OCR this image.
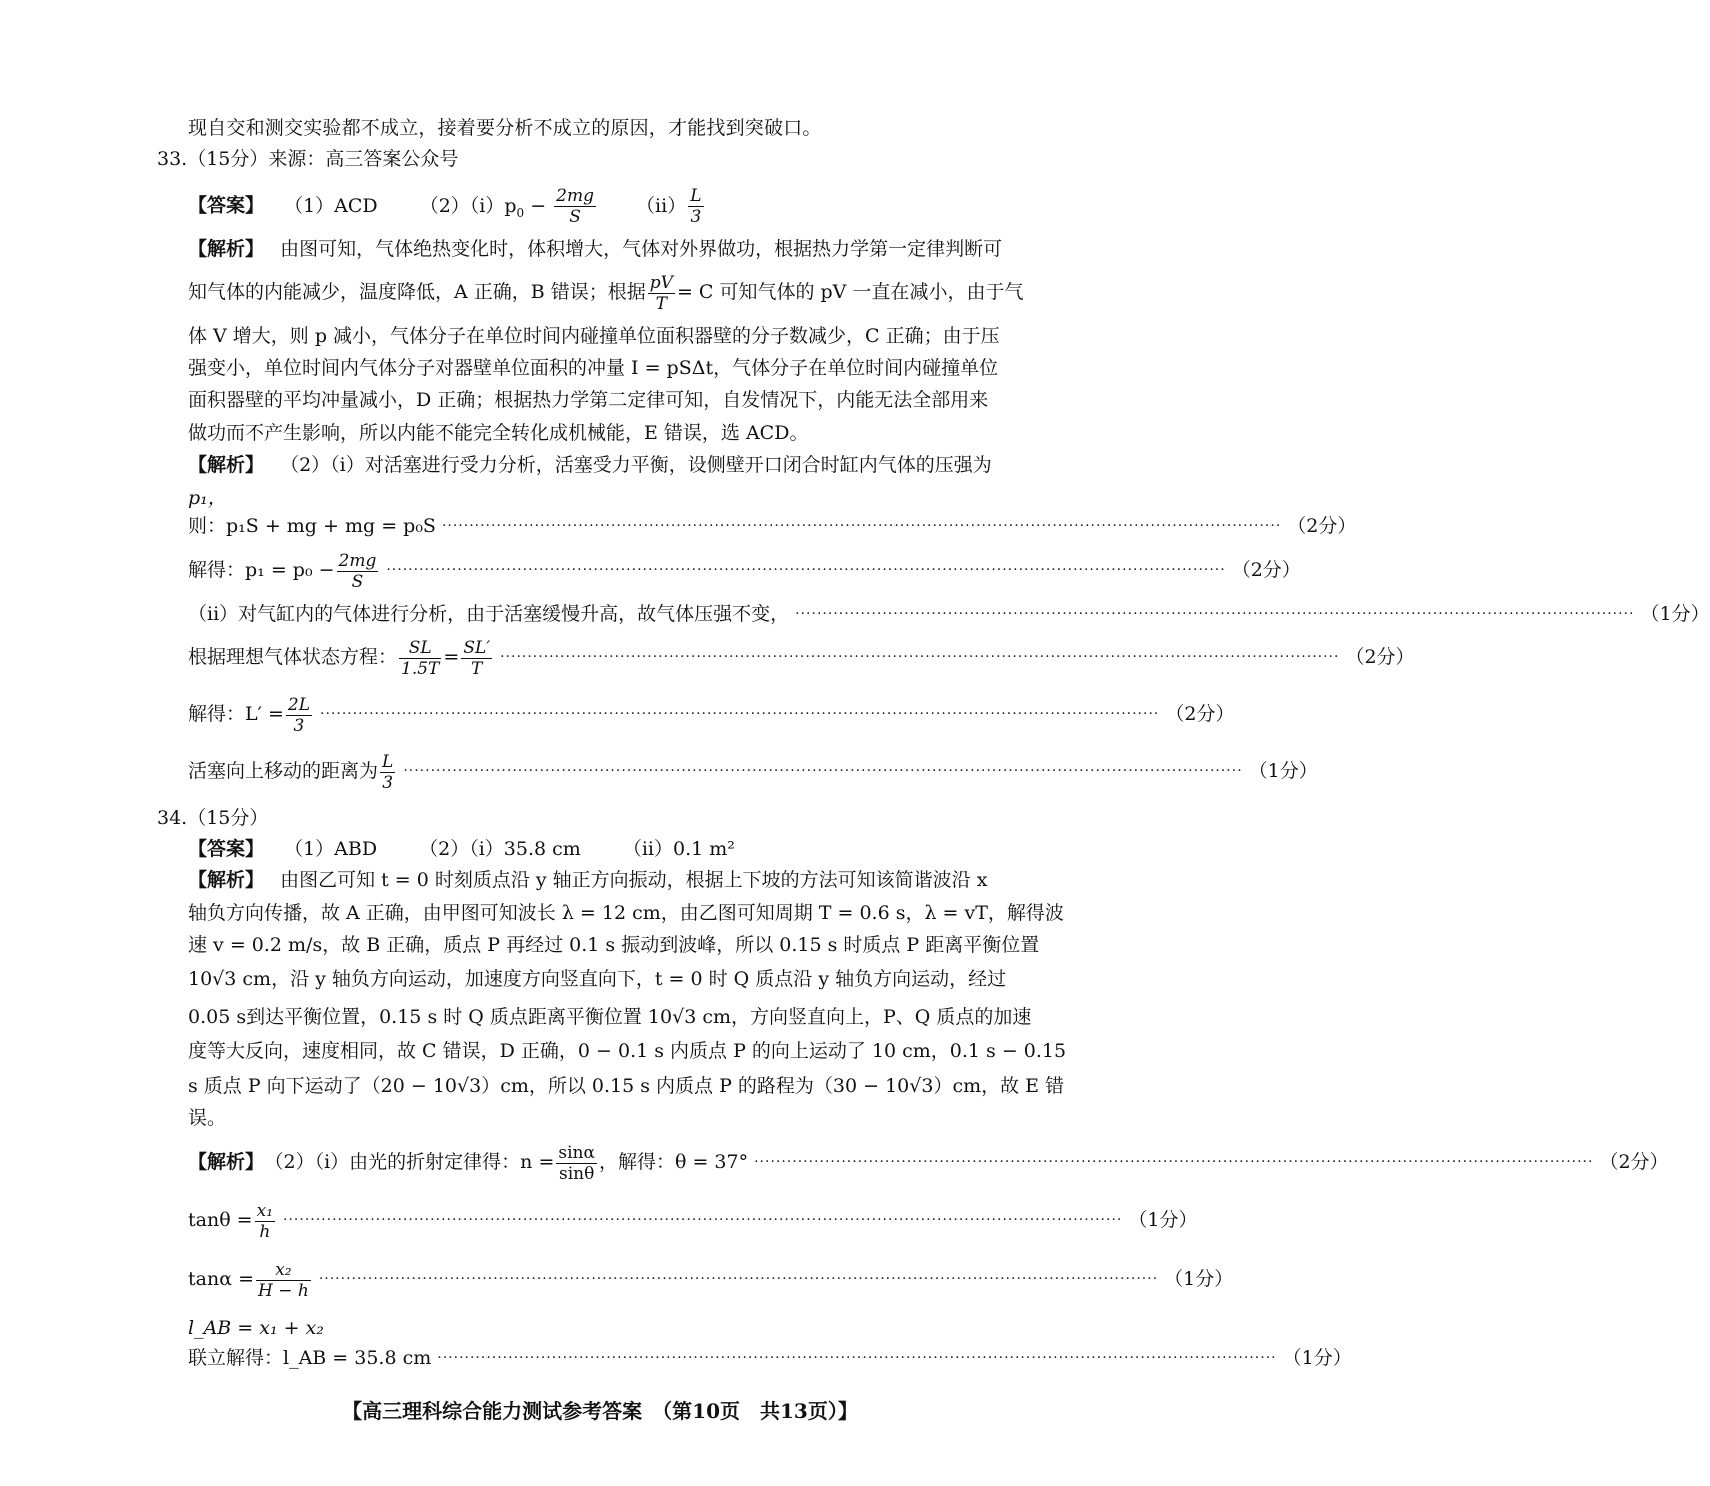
现自交和测交实验都不成立，接着要分析不成立的原因，才能找到突破口。
33.（15分）来源：高三答案公众号
【答案】 （1）ACD $(2)(i)p_0 - \frac{2mg}{S} (ii) \frac{L}{3}$
【解析】 由图可知，气体绝热变化时，体积增大，气体对外界做功，根据热力学第一定律判断可
知气体的内能减少，温度降低，A 正确，B 错误；根据 $\frac{pV}{T} = C$ 可知气体的 pV 一直在减小，由于气
体 V 增大，则 p 减小，气体分子在单位时间内碰撞单位面积器壁的分子数减少，C 正确；由于压
强变小，单位时间内气体分子对器壁单位面积的冲量 I = pSΔt，气体分子在单位时间内碰撞单位
面积器壁的平均冲量减小，D 正确；根据热力学第二定律可知，自发情况下，内能无法全部用来
做功而不产生影响，所以内能不能完全转化成机械能，E 错误，选 ACD。
【解析】 （2）（i）对活塞进行受力分析，活塞受力平衡，设侧壁开口闭合时缸内气体的压强为
p₁，
则：p₁S + mg + mg = p₀S ·························································································································································· （2分）
解得：$p_1 = p_0 - \frac{2mg}{S}$ ·························································································································································· （2分）
（ii）对气缸内的气体进行分析，由于活塞缓慢升高，故气体压强不变， ·························································································································································· （1分）
根据理想气体状态方程： $\frac{SL}{1.5T} = \frac{SL'}{T}$ ·························································································································································· （2分）
解得：$L' = \frac{2L}{3}$ ·························································································································································· （2分）
活塞向上移动的距离为 $\frac{L}{3}$ ·························································································································································· （1分）
34.（15分）
【答案】 （1）ABD （2）（i）35.8 cm （ii）0.1 m²
【解析】 由图乙可知 t = 0 时刻质点沿 y 轴正方向振动，根据上下坡的方法可知该简谐波沿 x
轴负方向传播，故 A 正确，由甲图可知波长 λ = 12 cm，由乙图可知周期 T = 0.6 s，λ = vT，解得波
速 v = 0.2 m/s，故 B 正确，质点 P 再经过 0.1 s 振动到波峰，所以 0.15 s 时质点 P 距离平衡位置
10√3 cm，沿 y 轴负方向运动，加速度方向竖直向下，t = 0 时 Q 质点沿 y 轴负方向运动，经过
0.05 s到达平衡位置，0.15 s 时 Q 质点距离平衡位置 10√3 cm，方向竖直向上，P、Q 质点的加速
度等大反向，速度相同，故 C 错误，D 正确，0 − 0.1 s 内质点 P 的向上运动了 10 cm，0.1 s − 0.15
s 质点 P 向下运动了（20 − 10√3）cm，所以 0.15 s 内质点 P 的路程为（30 − 10√3）cm，故 E 错
误。
【解析】 （2）（i）由光的折射定律得：$n = \frac{\sin\alpha}{\sin\theta}$ ，解得：θ = 37° ·························································································································································· （2分）
$\tan\theta = \frac{\text{x₁}}{h}$ ·························································································································································· （1分）
$\tan\alpha = \frac{\text{x₂}}{H - h}$ ·························································································································································· （1分）
l_AB = x₁ + x₂
联立解得：l_AB = 35.8 cm ·························································································································································· （1分）
【高三理科综合能力测试参考答案　（第10页　共13页）】
